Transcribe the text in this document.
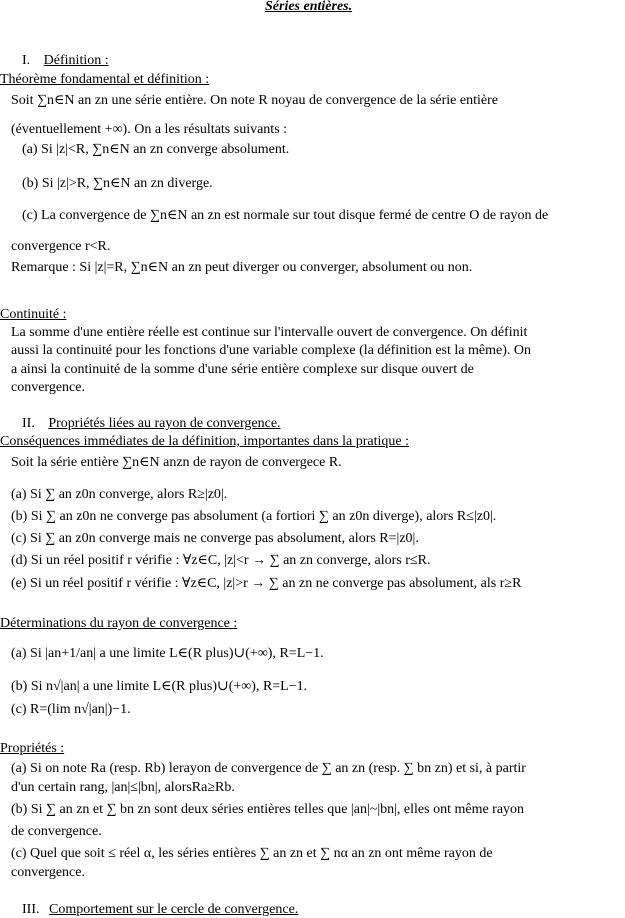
Séries entières.
I. Définition :
Théorème fondamental et définition :
Soit ∑n∈N an zn une série entière. On note R noyau de convergence de la série entière
(éventuellement +∞). On a les résultats suivants :
(a) Si |z|<R, ∑n∈N an zn converge absolument.
(b) Si |z|>R, ∑n∈N an zn diverge.
(c) La convergence de ∑n∈N an zn est normale sur tout disque fermé de centre O de rayon de
convergence r<R.
Remarque : Si |z|=R, ∑n∈N an zn peut diverger ou converger, absolument ou non.
Continuité :
La somme d'une entière réelle est continue sur l'intervalle ouvert de convergence. On définit
aussi la continuité pour les fonctions d'une variable complexe (la définition est la même). On
a ainsi la continuité de la somme d'une série entière complexe sur disque ouvert de
convergence.
II. Propriétés liées au rayon de convergence.
Conséquences immédiates de la définition, importantes dans la pratique :
Soit la série entière ∑n∈N anzn de rayon de convergece R.
(a) Si ∑ an z0n converge, alors R≥|z0|.
(b) Si ∑ an z0n ne converge pas absolument (a fortiori ∑ an z0n diverge), alors R≤|z0|.
(c) Si ∑ an z0n converge mais ne converge pas absolument, alors R=|z0|.
(d) Si un réel positif r vérifie : ∀z∈C, |z|<r → ∑ an zn converge, alors r≤R.
(e) Si un réel positif r vérifie : ∀z∈C, |z|>r → ∑ an zn ne converge pas absolument, als r≥R
Déterminations du rayon de convergence :
(a) Si |an+1/an| a une limite L∈(R plus)∪(+∞), R=L−1.
(b) Si n√|an| a une limite L∈(R plus)∪(+∞), R=L−1.
(c) R=(lim n√|an|)−1.
Propriétés :
(a) Si on note Ra (resp. Rb) lerayon de convergence de ∑ an zn (resp. ∑ bn zn) et si, à partir
d'un certain rang, |an|≤|bn|, alorsRa≥Rb.
(b) Si ∑ an zn et ∑ bn zn sont deux séries entières telles que |an|~|bn|, elles ont même rayon
de convergence.
(c) Quel que soit ≤ réel α, les séries entières ∑ an zn et ∑ nα an zn ont même rayon de
convergence.
III. Comportement sur le cercle de convergence.
